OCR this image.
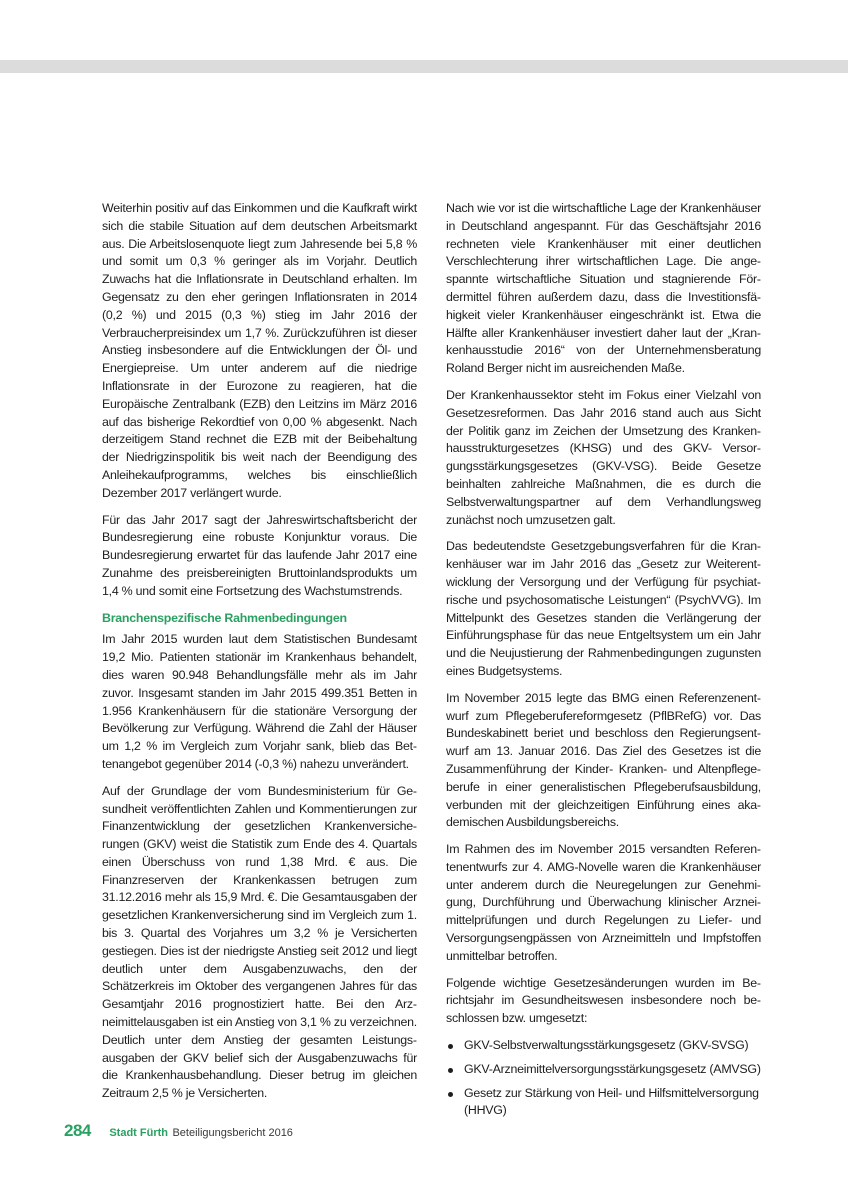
Weiterhin positiv auf das Einkommen und die Kaufkraft wirkt sich die stabile Situation auf dem deutschen Arbeitsmarkt aus. Die Arbeitslosenquote liegt zum Jahresende bei 5,8 % und somit um 0,3 % geringer als im Vorjahr. Deutlich Zuwachs hat die Inflationsrate in Deutschland erhalten. Im Gegensatz zu den eher geringen Inflationsraten in 2014 (0,2 %) und 2015 (0,3 %) stieg im Jahr 2016 der Verbraucherpreisindex um 1,7 %. Zurückzuführen ist dieser Anstieg insbesondere auf die Entwicklungen der Öl- und Energiepreise. Um unter anderem auf die niedrige Inflationsrate in der Eurozone zu reagieren, hat die Europäische Zentralbank (EZB) den Leitzins im März 2016 auf das bisherige Rekordtief von 0,00 % abgesenkt. Nach derzeitigem Stand rechnet die EZB mit der Beibehaltung der Niedrigzinspolitik bis weit nach der Beendigung des Anleihekaufprogramms, welches bis einschließlich Dezember 2017 verlängert wurde.

Für das Jahr 2017 sagt der Jahreswirtschaftsbericht der Bundesregierung eine robuste Konjunktur voraus. Die Bundesregierung erwartet für das laufende Jahr 2017 eine Zunahme des preisbereinigten Bruttoinlandsprodukts um 1,4 % und somit eine Fortsetzung des Wachstumstrends.

Branchenspezifische Rahmenbedingungen

Im Jahr 2015 wurden laut dem Statistischen Bundesamt 19,2 Mio. Patienten stationär im Krankenhaus behandelt, dies waren 90.948 Behandlungsfälle mehr als im Jahr zuvor. Insgesamt standen im Jahr 2015 499.351 Betten in 1.956 Krankenhäusern für die stationäre Versorgung der Bevölkerung zur Verfügung. Während die Zahl der Häuser um 1,2 % im Vergleich zum Vorjahr sank, blieb das Bettenangebot gegenüber 2014 (-0,3 %) nahezu unverändert.

Auf der Grundlage der vom Bundesministerium für Gesundheit veröffentlichten Zahlen und Kommentierungen zur Finanzentwicklung der gesetzlichen Krankenversicherungen (GKV) weist die Statistik zum Ende des 4. Quartals einen Überschuss von rund 1,38 Mrd. € aus. Die Finanzreserven der Krankenkassen betrugen zum 31.12.2016 mehr als 15,9 Mrd. €. Die Gesamtausgaben der gesetzlichen Krankenversicherung sind im Vergleich zum 1. bis 3. Quartal des Vorjahres um 3,2 % je Versicherten gestiegen. Dies ist der niedrigste Anstieg seit 2012 und liegt deutlich unter dem Ausgabenzuwachs, den der Schätzerkreis im Oktober des vergangenen Jahres für das Gesamtjahr 2016 prognostiziert hatte. Bei den Arzneimittelausgaben ist ein Anstieg von 3,1 % zu verzeichnen. Deutlich unter dem Anstieg der gesamten Leistungsausgaben der GKV belief sich der Ausgabenzuwachs für die Krankenhausbehandlung. Dieser betrug im gleichen Zeitraum 2,5 % je Versicherten.

Nach wie vor ist die wirtschaftliche Lage der Krankenhäuser in Deutschland angespannt. Für das Geschäftsjahr 2016 rechneten viele Krankenhäuser mit einer deutlichen Verschlechterung ihrer wirtschaftlichen Lage. Die angespannte wirtschaftliche Situation und stagnierende Fördermittel führen außerdem dazu, dass die Investitionsfähigkeit vieler Krankenhäuser eingeschränkt ist. Etwa die Hälfte aller Krankenhäuser investiert daher laut der „Krankenhausstudie 2016“ von der Unternehmensberatung Roland Berger nicht im ausreichenden Maße.

Der Krankenhaussektor steht im Fokus einer Vielzahl von Gesetzesreformen. Das Jahr 2016 stand auch aus Sicht der Politik ganz im Zeichen der Umsetzung des Krankenhausstrukturgesetzes (KHSG) und des GKV- Versorgungsstärkungsgesetzes (GKV-VSG). Beide Gesetze beinhalten zahlreiche Maßnahmen, die es durch die Selbstverwaltungspartner auf dem Verhandlungsweg zunächst noch umzusetzen galt.

Das bedeutendste Gesetzgebungsverfahren für die Krankenhäuser war im Jahr 2016 das „Gesetz zur Weiterentwicklung der Versorgung und der Verfügung für psychiatrische und psychosomatische Leistungen“ (PsychVVG). Im Mittelpunkt des Gesetzes standen die Verlängerung der Einführungsphase für das neue Entgeltsystem um ein Jahr und die Neujustierung der Rahmenbedingungen zugunsten eines Budgetsystems.

Im November 2015 legte das BMG einen Referenzenentwurf zum Pflegeberufereformgesetz (PflBRefG) vor. Das Bundeskabinett beriet und beschloss den Regierungsentwurf am 13. Januar 2016. Das Ziel des Gesetzes ist die Zusammenführung der Kinder- Kranken- und Altenpflegeberufe in einer generalistischen Pflegeberufsausbildung, verbunden mit der gleichzeitigen Einführung eines akademischen Ausbildungsbereichs.

Im Rahmen des im November 2015 versandten Referentenentwurfs zur 4. AMG-Novelle waren die Krankenhäuser unter anderem durch die Neuregelungen zur Genehmigung, Durchführung und Überwachung klinischer Arzneimittelprüfungen und durch Regelungen zu Liefer- und Versorgungsengpässen von Arzneimitteln und Impfstoffen unmittelbar betroffen.

Folgende wichtige Gesetzesänderungen wurden im Berichtsjahr im Gesundheitswesen insbesondere noch beschlossen bzw. umgesetzt:

GKV-Selbstverwaltungsstärkungsgesetz (GKV-SVSG)
GKV-Arzneimittelversorgungsstärkungsgesetz (AMVSG)
Gesetz zur Stärkung von Heil- und Hilfsmittelversorgung (HHVG)
284 Stadt Fürth Beteiligungsbericht 2016
